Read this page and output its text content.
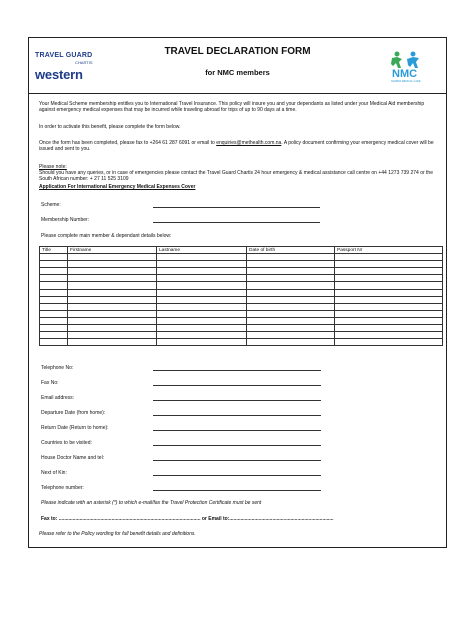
TRAVEL GUARD
CHARTIS
western
TRAVEL DECLARATION FORM
for NMC members	NMC
NAMIBIA MEDICAL CARE
Your Medical Scheme membership entitles you to International Travel Insurance. This policy will insure you and your dependants as listed under your Medical Aid membership against emergency medical expenses that may be incurred while traveling abroad for trips of up to 90 days at a time.
In order to activate this benefit, please complete the form below.
Once the form has been completed, please fax to +264 61 287 6091 or email to enquiries@methealth.com.na. A policy document confirming your emergency medical cover will be issued and sent to you.
Please note:
Should you have any queries, or in case of emergencies please contact the Travel Guard Chartis 24 hour emergency & medical assistance call centre on +44 1273 739 274 or the South African number: + 27 11 525 3109
Application For International Emergency Medical Expenses Cover
Scheme:
Membership Number:
Please complete main member & dependant details below:
Title	Firstname	Lastname	Date of birth	Passport Nr

Telephone No:
Fax No:
Email address:
Departure Date (from home):
Return Date (Return to home):
Countries to be visited:
House Doctor Name and tel:
Next of Kin:
Telephone number:
Please indicate with an asterisk (*) to which e-mail/fax the Travel Protection Certificate must be sent
Fax to: ...................................................................................................... or Email to:...........................................................................
Please refer to the Policy wording for full benefit details and definitions.
